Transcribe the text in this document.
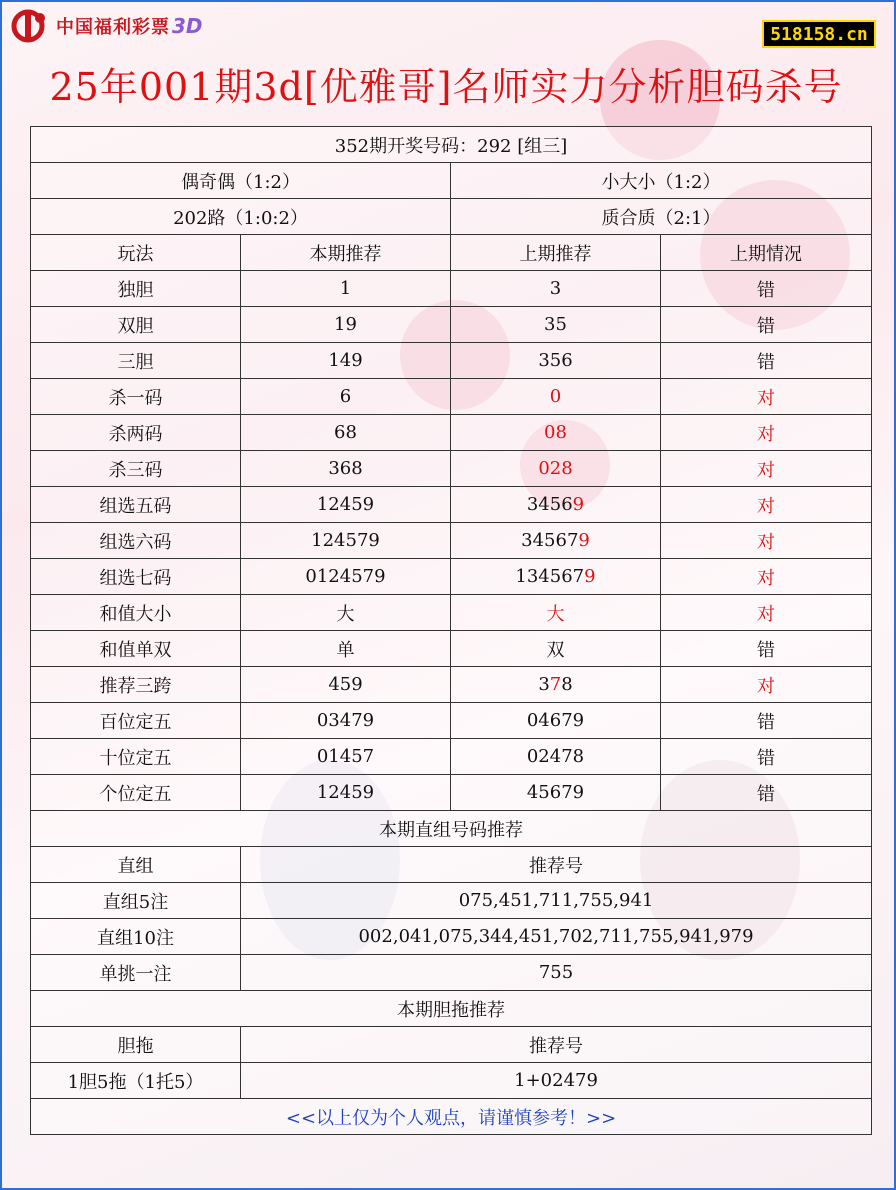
中国福利彩票 3D	518158.cn
25年001期3d[优雅哥]名师实力分析胆码杀号
352期开奖号码：292 [组三]			
偶奇偶（1:2）		小大小（1:2）	
202路（1:0:2）		质合质（2:1）	
玩法	本期推荐	上期推荐	上期情况
独胆	1	3	错
双胆	19	35	错
三胆	149	356	错
杀一码	6	0	对
杀两码	68	08	对
杀三码	368	028	对
组选五码	12459	34569	对
组选六码	124579	345679	对
组选七码	0124579	1345679	对
和值大小	大	大	对
和值单双	单	双	错
推荐三跨	459	378	对
百位定五	03479	04679	错
十位定五	01457	02478	错
个位定五	12459	45679	错
本期直组号码推荐			
直组	推荐号		
直组5注	075,451,711,755,941		
直组10注	002,041,075,344,451,702,711,755,941,979		
单挑一注	755		
本期胆拖推荐			
胆拖	推荐号		
1胆5拖（1托5）	1+02479		
<<以上仅为个人观点，请谨慎参考！>>			
